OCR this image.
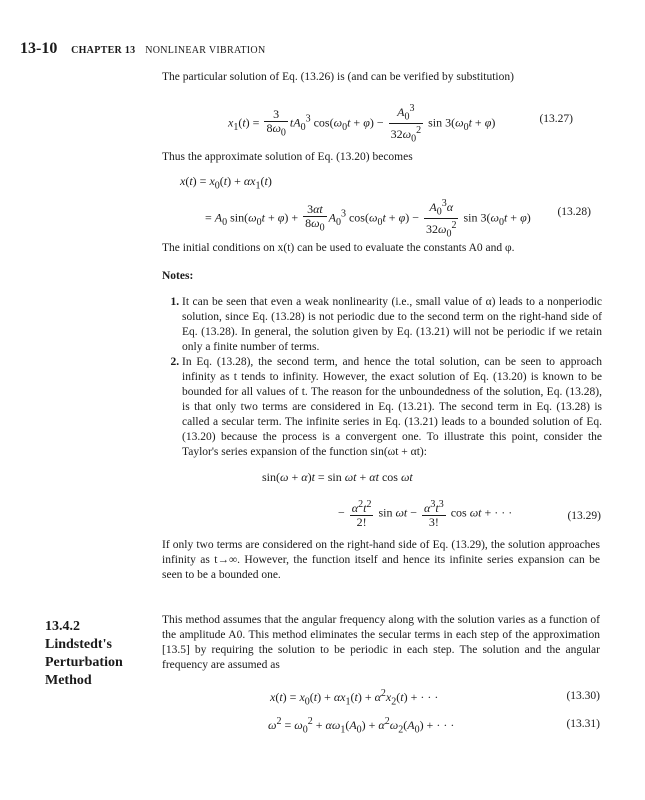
13-10 CHAPTER 13 NONLINEAR VIBRATION
The particular solution of Eq. (13.26) is (and can be verified by substitution)
$x_1(t) = \frac{3}{8\omega_0} tA_0^3$ $\cos(\omega_0t + \varphi) - \frac{A_0^3}{32\omega_0^2}$ $\sin 3(\omega_0t + \varphi)$	(13.27)
Thus the approximate solution of Eq. (13.20) becomes
$x(t) = x_0(t) + \alpha x_1(t)$
= $A_0$ $\sin(\omega_0t + \varphi) + \frac{3\alpha t}{8\omega_0} A_0^3$ $\cos(\omega_0t + \varphi) - \frac{A_0^3\alpha}{32\omega_0^2}$ $\sin 3(\omega_0t + \varphi)$ (13.28)
The initial conditions on x(t) can be used to evaluate the constants A0 and φ.
Notes:
1. It can be seen that even a weak nonlinearity (i.e., small value of α) leads to a nonperiodic solution, since Eq. (13.28) is not periodic due to the second term on the right-hand side of Eq. (13.28). In general, the solution given by Eq. (13.21) will not be periodic if we retain only a finite number of terms.
2. In Eq. (13.28), the second term, and hence the total solution, can be seen to approach infinity as t tends to infinity. However, the exact solution of Eq. (13.20) is known to be bounded for all values of t. The reason for the unboundedness of the solution, Eq. (13.28), is that only two terms are considered in Eq. (13.21). The second term in Eq. (13.28) is called a secular term. The infinite series in Eq. (13.21) leads to a bounded solution of Eq. (13.20) because the process is a convergent one. To illustrate this point, consider the Taylor's series expansion of the function sin(ωt + αt):
sin(ω + α)t = sin ωt + αt cos ωt
− $\frac{\alpha^2t^2}{2!}$ $\sin \omega t - \frac{\alpha^3t^3}{3!}$ cos ωt + · · ·	(13.29)
If only two terms are considered on the right-hand side of Eq. (13.29), the solution approaches infinity as t→∞. However, the function itself and hence its infinite series expansion can be seen to be a bounded one.
13.4.2
Lindstedt's
Perturbation
Method
This method assumes that the angular frequency along with the solution varies as a function of the amplitude A0. This method eliminates the secular terms in each step of the approximation [13.5] by requiring the solution to be periodic in each step. The solution and the angular frequency are assumed as
$x(t) = x_0(t) + \alpha x_1(t) + \alpha^2x_2(t)$ + · · ·	(13.30)
$\omega^2 = \omega_0^2 + \alpha\omega_1(A_0) + \alpha^2\omega_2(A_0)$ + · · ·	(13.31)
